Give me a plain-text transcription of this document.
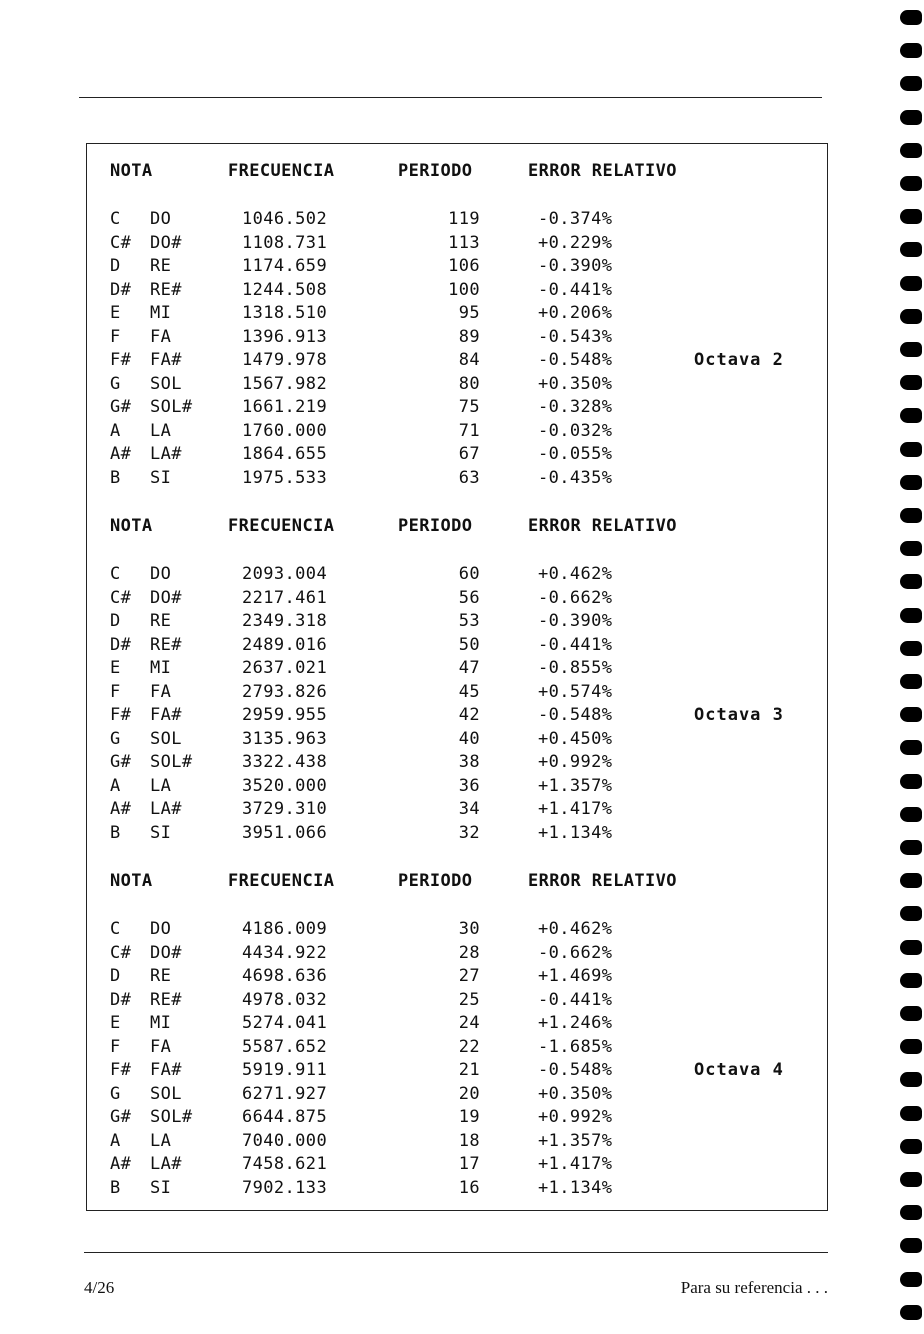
NOTA	FRECUENCIA	PERIODO	ERROR RELATIVO
C DO	1046.502	119	-0.374%
C# DO#	1108.731	113	+0.229%
D RE	1174.659	106	-0.390%
D# RE#	1244.508	100	-0.441%
E MI	1318.510	95	+0.206%
F FA	1396.913	89	-0.543%
F# FA#	1479.978	84	-0.548%
G SOL	1567.982	80	+0.350%
G# SOL#	1661.219	75	-0.328%
A LA	1760.000	71	-0.032%
A# LA#	1864.655	67	-0.055%
B SI	1975.533	63	-0.435%
Octava 2
NOTA	FRECUENCIA	PERIODO	ERROR RELATIVO
C DO	2093.004	60	+0.462%
C# DO#	2217.461	56	-0.662%
D RE	2349.318	53	-0.390%
D# RE#	2489.016	50	-0.441%
E MI	2637.021	47	-0.855%
F FA	2793.826	45	+0.574%
F# FA#	2959.955	42	-0.548%
G SOL	3135.963	40	+0.450%
G# SOL#	3322.438	38	+0.992%
A LA	3520.000	36	+1.357%
A# LA#	3729.310	34	+1.417%
B SI	3951.066	32	+1.134%
Octava 3
NOTA	FRECUENCIA	PERIODO	ERROR RELATIVO
C DO	4186.009	30	+0.462%
C# DO#	4434.922	28	-0.662%
D RE	4698.636	27	+1.469%
D# RE#	4978.032	25	-0.441%
E MI	5274.041	24	+1.246%
F FA	5587.652	22	-1.685%
F# FA#	5919.911	21	-0.548%
G SOL	6271.927	20	+0.350%
G# SOL#	6644.875	19	+0.992%
A LA	7040.000	18	+1.357%
A# LA#	7458.621	17	+1.417%
B SI	7902.133	16	+1.134%
Octava 4
4/26	Para su referencia . . .
